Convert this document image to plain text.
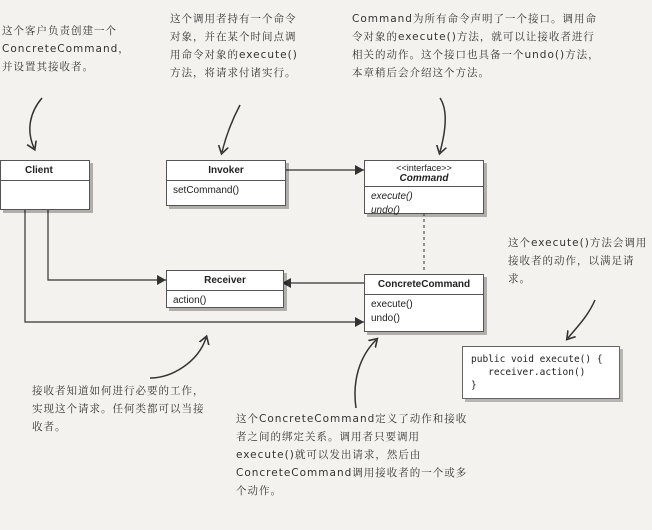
Client	Invoker
setCommand()
<<interface>>
Command
execute()
undo()
Receiver
action()
ConcreteCommand
execute()
undo()
public void execute() {
receiver.action()
}
这个客户负责创建一个ConcreteCommand，并设置其接收者。
这个调用者持有一个命令对象，并在某个时间点调用命令对象的execute()方法，将请求付诸实行。
Command为所有命令声明了一个接口。调用命令对象的execute()方法，就可以让接收者进行相关的动作。这个接口也具备一个undo()方法，本章稍后会介绍这个方法。
这个execute()方法会调用接收者的动作，以满足请求。
接收者知道如何进行必要的工作，实现这个请求。任何类都可以当接收者。
这个ConcreteCommand定义了动作和接收者之间的绑定关系。调用者只要调用execute()就可以发出请求，然后由ConcreteCommand调用接收者的一个或多个动作。
